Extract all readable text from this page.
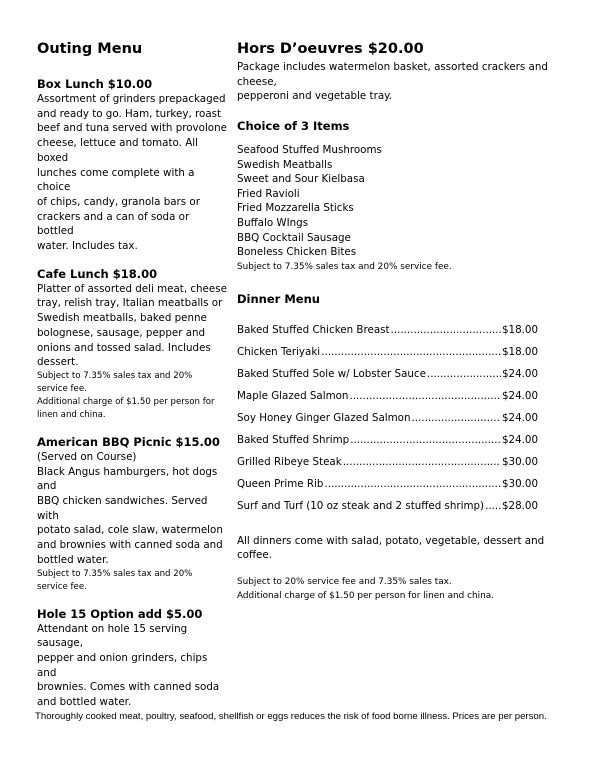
Outing Menu
Box Lunch $10.00
Assortment of grinders prepackaged
and ready to go. Ham, turkey, roast
beef and tuna served with provolone
cheese, lettuce and tomato. All boxed
lunches come complete with a choice
of chips, candy, granola bars or
crackers and a can of soda or bottled
water. Includes tax.
Cafe Lunch $18.00
Platter of assorted deli meat, cheese
tray, relish tray, Italian meatballs or
Swedish meatballs, baked penne
bolognese, sausage, pepper and
onions and tossed salad. Includes
dessert.
Subject to 7.35% sales tax and 20%
service fee.
Additional charge of $1.50 per person for
linen and china.
American BBQ Picnic $15.00
(Served on Course)
Black Angus hamburgers, hot dogs and
BBQ chicken sandwiches. Served with
potato salad, cole slaw, watermelon
and brownies with canned soda and
bottled water.
Subject to 7.35% sales tax and 20%
service fee.
Hole 15 Option add $5.00
Attendant on hole 15 serving sausage,
pepper and onion grinders, chips and
brownies. Comes with canned soda
and bottled water.
Hors D’oeuvres $20.00
Package includes watermelon basket, assorted crackers and cheese,
pepperoni and vegetable tray.
Choice of 3 Items
Seafood Stuffed Mushrooms
Swedish Meatballs
Sweet and Sour Kielbasa
Fried Ravioli
Fried Mozzarella Sticks
Buffalo WIngs
BBQ Cocktail Sausage
Boneless Chicken Bites
Subject to 7.35% sales tax and 20% service fee.
Dinner Menu
Baked Stuffed Chicken Breast .....	$18.00
Chicken Teriyaki .....	$18.00
Baked Stuffed Sole w/ Lobster Sauce .....	$24.00
Maple Glazed Salmon .....	$24.00
Soy Honey Ginger Glazed Salmon .....	$24.00
Baked Stuffed Shrimp .....	$24.00
Grilled Ribeye Steak .....	$30.00
Queen Prime Rib .....	$30.00
Surf and Turf (10 oz steak and 2 stuffed shrimp) ..... $28.00
All dinners come with salad, potato, vegetable, dessert and coffee.
Subject to 20% service fee and 7.35% sales tax.
Additional charge of $1.50 per person for linen and china.
Thoroughly cooked meat, poultry, seafood, shellfish or eggs reduces the risk of food borne illness. Prices are per person.
